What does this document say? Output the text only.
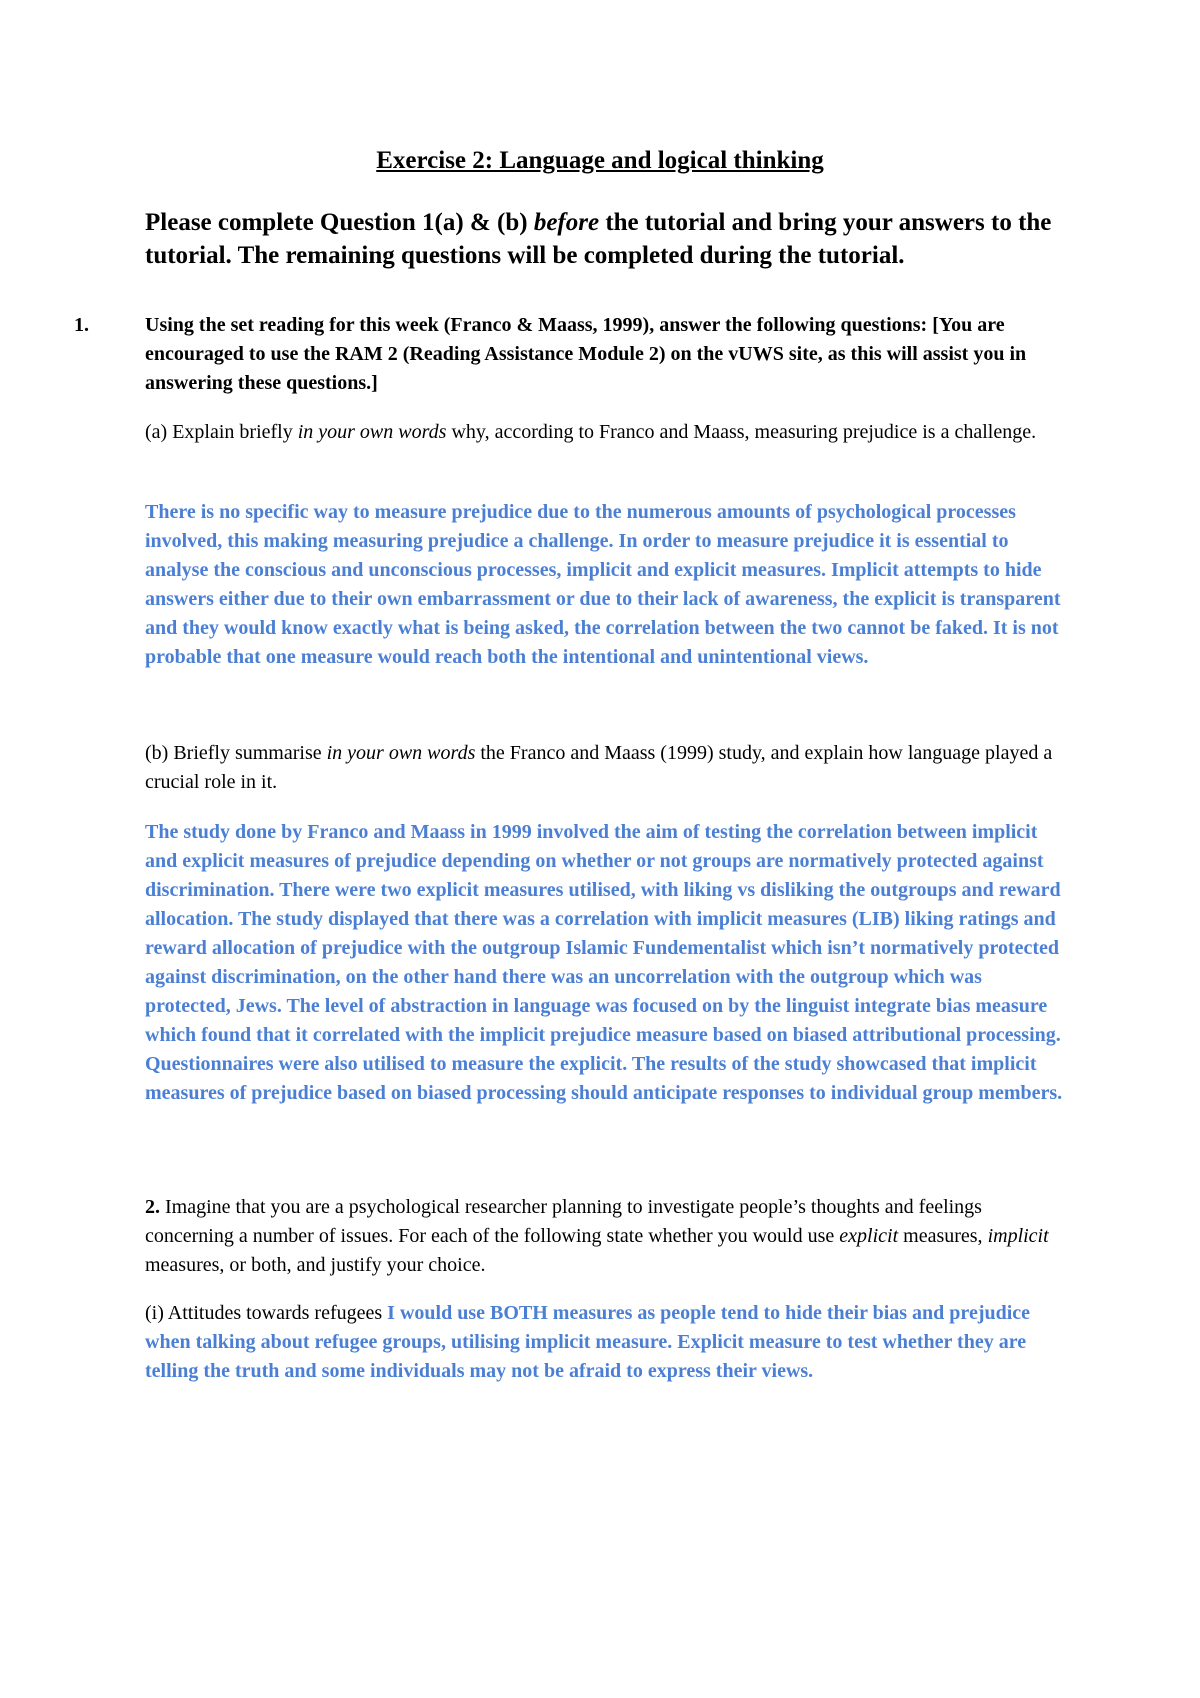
Exercise 2: Language and logical thinking
Please complete Question 1(a) & (b) before the tutorial and bring your answers to the tutorial. The remaining questions will be completed during the tutorial.
1.	Using the set reading for this week (Franco & Maass, 1999), answer the following questions: [You are encouraged to use the RAM 2 (Reading Assistance Module 2) on the vUWS site, as this will assist you in answering these questions.]
(a) Explain briefly in your own words why, according to Franco and Maass, measuring prejudice is a challenge.
There is no specific way to measure prejudice due to the numerous amounts of psychological processes involved, this making measuring prejudice a challenge. In order to measure prejudice it is essential to analyse the conscious and unconscious processes, implicit and explicit measures. Implicit attempts to hide answers either due to their own embarrassment or due to their lack of awareness, the explicit is transparent and they would know exactly what is being asked, the correlation between the two cannot be faked. It is not probable that one measure would reach both the intentional and unintentional views.
(b) Briefly summarise in your own words the Franco and Maass (1999) study, and explain how language played a crucial role in it.
The study done by Franco and Maass in 1999 involved the aim of testing the correlation between implicit and explicit measures of prejudice depending on whether or not groups are normatively protected against discrimination. There were two explicit measures utilised, with liking vs disliking the outgroups and reward allocation. The study displayed that there was a correlation with implicit measures (LIB) liking ratings and reward allocation of prejudice with the outgroup Islamic Fundementalist which isn’t normatively protected against discrimination, on the other hand there was an uncorrelation with the outgroup which was protected, Jews. The level of abstraction in language was focused on by the linguist integrate bias measure which found that it correlated with the implicit prejudice measure based on biased attributional processing. Questionnaires were also utilised to measure the explicit. The results of the study showcased that implicit measures of prejudice based on biased processing should anticipate responses to individual group members.
2. Imagine that you are a psychological researcher planning to investigate people’s thoughts and feelings concerning a number of issues. For each of the following state whether you would use explicit measures, implicit measures, or both, and justify your choice.
(i) Attitudes towards refugees I would use BOTH measures as people tend to hide their bias and prejudice when talking about refugee groups, utilising implicit measure. Explicit measure to test whether they are telling the truth and some individuals may not be afraid to express their views.
